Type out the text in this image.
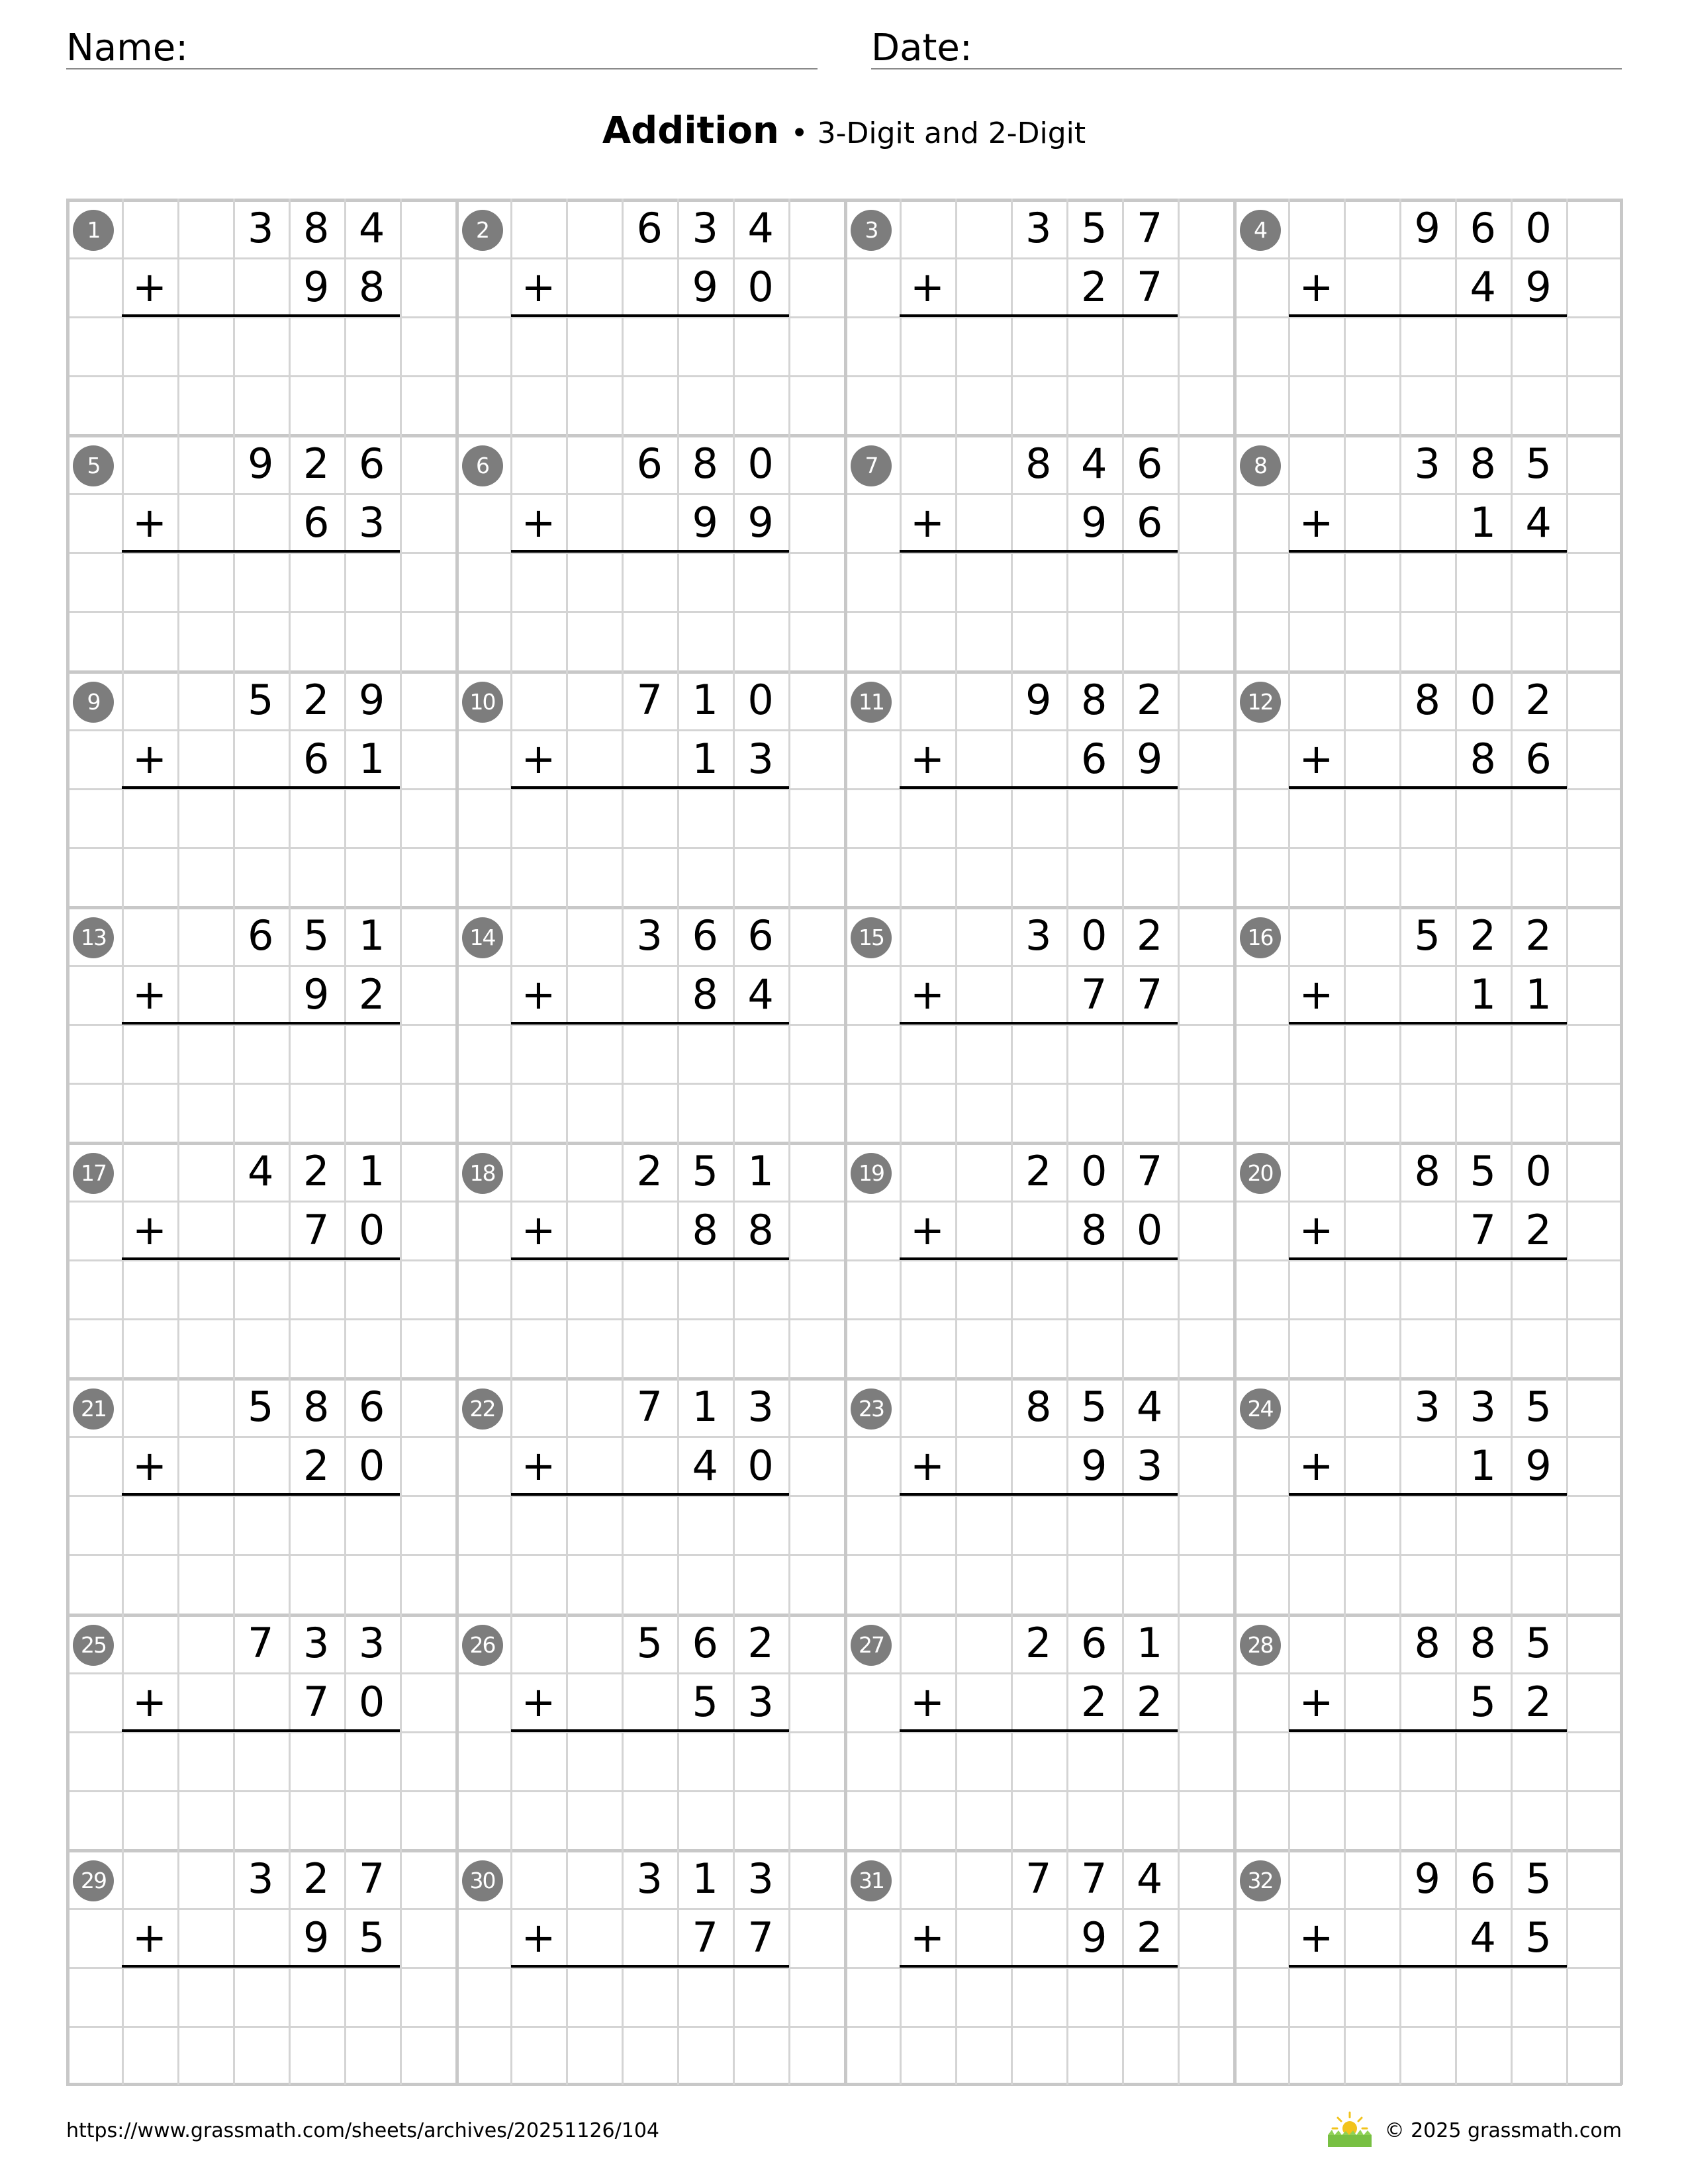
Name:	Date:
Addition • 3-Digit and 2-Digit
1	3 8 4
+	9 8
2	6 3 4
+	9 0
3	3 5 7
+	2 7
4	9 6 0
+	4 9
5	9 2 6
+	6 3
6	6 8 0
+	9 9
7	8 4 6
+	9 6
8	3 8 5
+	1 4
9	5 2 9
+	6 1
10	7 1 0
+	1 3
11	9 8 2
+	6 9
12	8 0 2
+	8 6
13	6 5 1
+	9 2
14	3 6 6
+	8 4
15	3 0 2
+	7 7
16	5 2 2
+	1 1
17	4 2 1
+	7 0
18	2 5 1
+	8 8
19	2 0 7
+	8 0
20	8 5 0
+	7 2
21	5 8 6
+	2 0
22	7 1 3
+	4 0
23	8 5 4
+	9 3
24	3 3 5
+	1 9
25	7 3 3
+	7 0
26	5 6 2
+	5 3
27	2 6 1
+	2 2
28	8 8 5
+	5 2
29	3 2 7
+	9 5
30	3 1 3
+	7 7
31	7 7 4
+	9 2
32	9 6 5
+	4 5
https://www.grassmath.com/sheets/archives/20251126/104	© 2025 grassmath.com
